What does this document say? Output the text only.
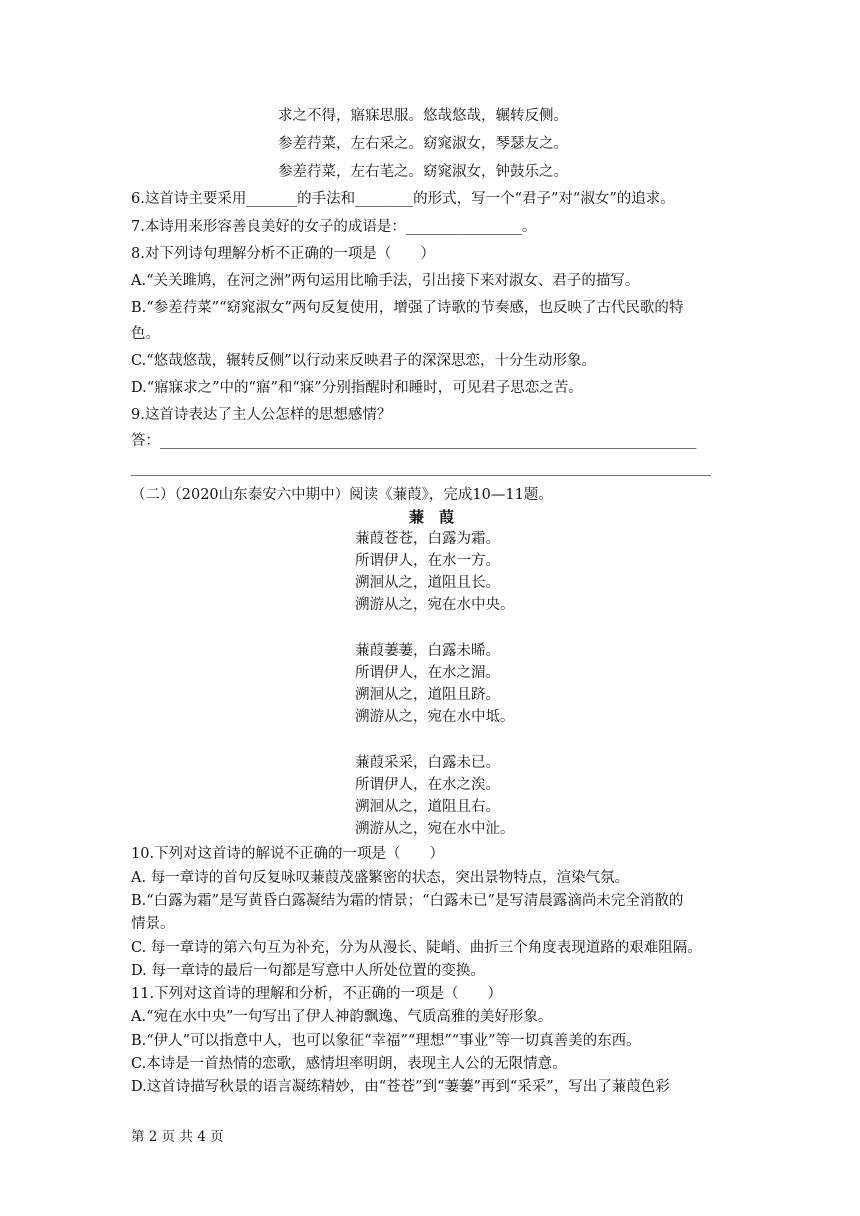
求之不得，寤寐思服。悠哉悠哉，辗转反侧。
参差荇菜，左右采之。窈窕淑女，琴瑟友之。
参差荇菜，左右芼之。窈窕淑女，钟鼓乐之。
6.这首诗主要采用_______的手法和________的形式，写一个“君子”对“淑女”的追求。
7.本诗用来形容善良美好的女子的成语是：________________。
8.对下列诗句理解分析不正确的一项是（　　）
A.“关关雎鸠，在河之洲”两句运用比喻手法，引出接下来对淑女、君子的描写。
B.“参差荇菜”“窈窕淑女”两句反复使用，增强了诗歌的节奏感，也反映了古代民歌的特
色。
C.“悠哉悠哉，辗转反侧”以行动来反映君子的深深思恋，十分生动形象。
D.“寤寐求之”中的“寤”和“寐”分别指醒时和睡时，可见君子思恋之苦。
9.这首诗表达了主人公怎样的思想感情？
答：__________________________________________________________________________
________________________________________________________________________________
（二）（2020山东泰安六中期中）阅读《蒹葭》，完成10—11题。
蒹　葭
蒹葭苍苍，白露为霜。
所谓伊人，在水一方。
溯洄从之，道阻且长。
溯游从之，宛在水中央。
蒹葭萋萋，白露未晞。
所谓伊人，在水之湄。
溯洄从之，道阻且跻。
溯游从之，宛在水中坻。
蒹葭采采，白露未已。
所谓伊人，在水之涘。
溯洄从之，道阻且右。
溯游从之，宛在水中沚。
10.下列对这首诗的解说不正确的一项是（　　）
A. 每一章诗的首句反复咏叹蒹葭茂盛繁密的状态，突出景物特点，渲染气氛。
B.“白露为霜”是写黄昏白露凝结为霜的情景；“白露未已”是写清晨露滴尚未完全消散的
情景。
C. 每一章诗的第六句互为补充，分为从漫长、陡峭、曲折三个角度表现道路的艰难阻隔。
D. 每一章诗的最后一句都是写意中人所处位置的变换。
11.下列对这首诗的理解和分析，不正确的一项是（　　）
A.“宛在水中央”一句写出了伊人神韵飘逸、气质高雅的美好形象。
B.“伊人”可以指意中人，也可以象征“幸福”“理想”“事业”等一切真善美的东西。
C.本诗是一首热情的恋歌，感情坦率明朗，表现主人公的无限情意。
D.这首诗描写秋景的语言凝练精妙，由“苍苍”到“萋萋”再到“采采”，写出了蒹葭色彩
第 2 页 共 4 页
